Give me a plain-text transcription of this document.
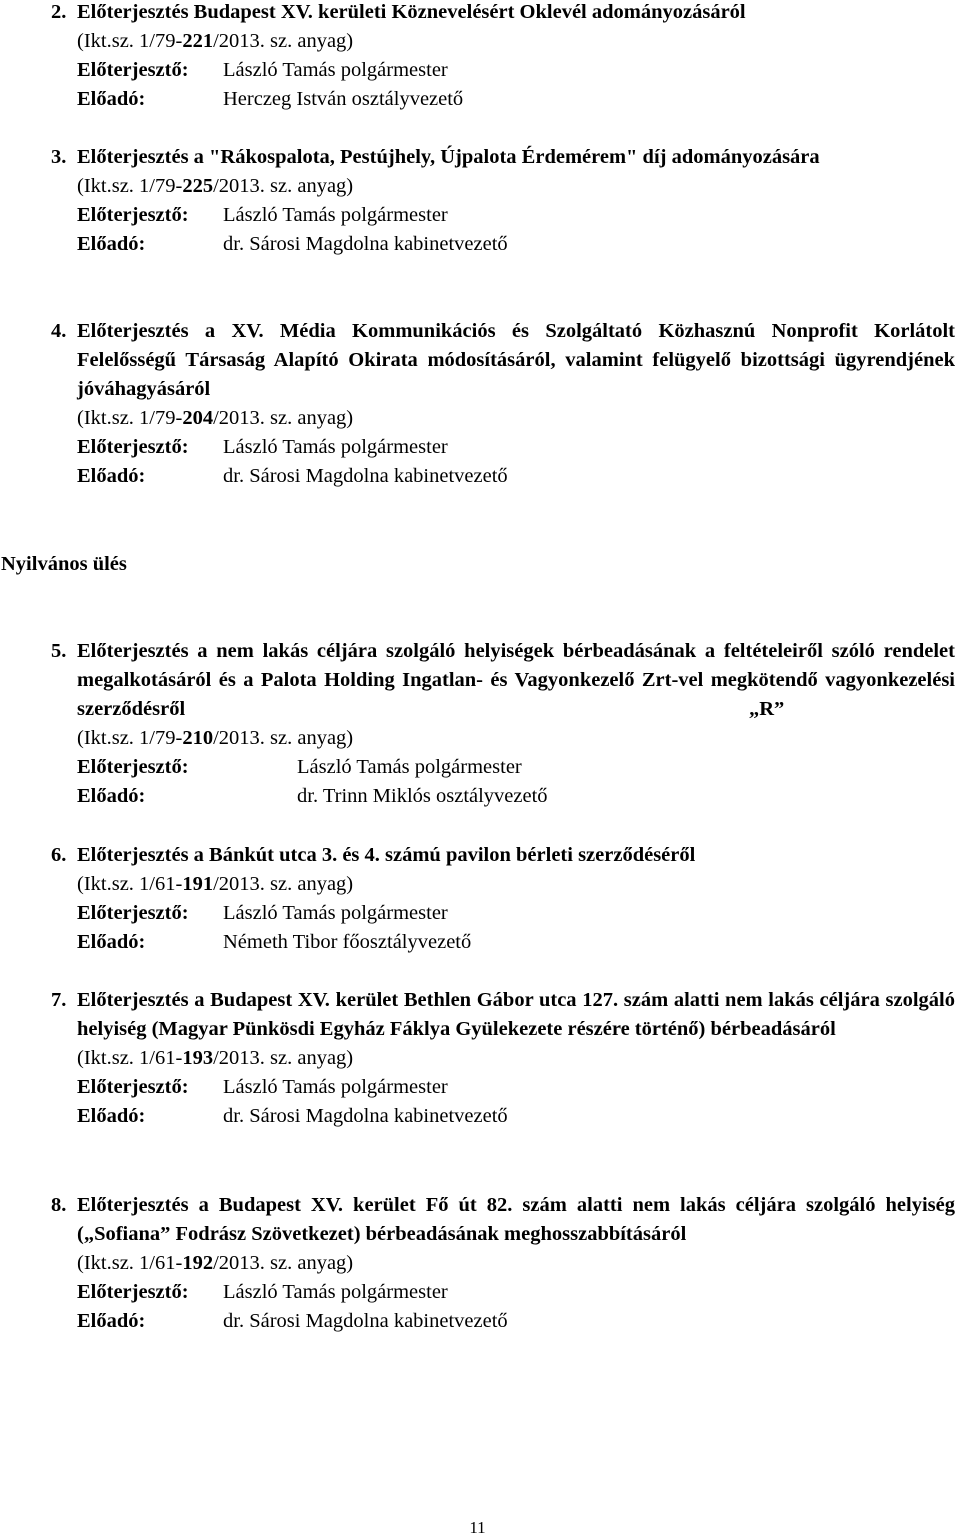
2. Előterjesztés Budapest XV. kerületi Köznevelésért Oklevél adományozásáról
(Ikt.sz. 1/79-221/2013. sz. anyag)
Előterjesztő: László Tamás polgármester
Előadó:	Herczeg István osztályvezető
3. Előterjesztés a "Rákospalota, Pestújhely, Újpalota Érdemérem" díj adományozására
(Ikt.sz. 1/79-225/2013. sz. anyag)
Előterjesztő: László Tamás polgármester
Előadó:	dr. Sárosi Magdolna kabinetvezető
4. Előterjesztés a XV. Média Kommunikációs és Szolgáltató Közhasznú Nonprofit Korlátolt Felelősségű Társaság Alapító Okirata módosításáról, valamint felügyelő bizottsági ügyrendjének jóváhagyásáról
(Ikt.sz. 1/79-204/2013. sz. anyag)
Előterjesztő: László Tamás polgármester
Előadó:	dr. Sárosi Magdolna kabinetvezető
Nyilvános ülés
5. Előterjesztés a nem lakás céljára szolgáló helyiségek bérbeadásának a feltételeiről szóló rendelet megalkotásáról és a Palota Holding Ingatlan- és Vagyonkezelő Zrt-vel megkötendő vagyonkezelési szerződésről	„R”
(Ikt.sz. 1/79-210/2013. sz. anyag)
Előterjesztő:	László Tamás polgármester
Előadó:	dr. Trinn Miklós osztályvezető
6. Előterjesztés a Bánkút utca 3. és 4. számú pavilon bérleti szerződéséről
(Ikt.sz. 1/61-191/2013. sz. anyag)
Előterjesztő: László Tamás polgármester
Előadó:	Németh Tibor főosztályvezető
7. Előterjesztés a Budapest XV. kerület Bethlen Gábor utca 127. szám alatti nem lakás céljára szolgáló helyiség (Magyar Pünkösdi Egyház Fáklya Gyülekezete részére történő) bérbeadásáról
(Ikt.sz. 1/61-193/2013. sz. anyag)
Előterjesztő: László Tamás polgármester
Előadó:	dr. Sárosi Magdolna kabinetvezető
8. Előterjesztés a Budapest XV. kerület Fő út 82. szám alatti nem lakás céljára szolgáló helyiség („Sofiana” Fodrász Szövetkezet) bérbeadásának meghosszabbításáról
(Ikt.sz. 1/61-192/2013. sz. anyag)
Előterjesztő: László Tamás polgármester
Előadó:	dr. Sárosi Magdolna kabinetvezető
11
